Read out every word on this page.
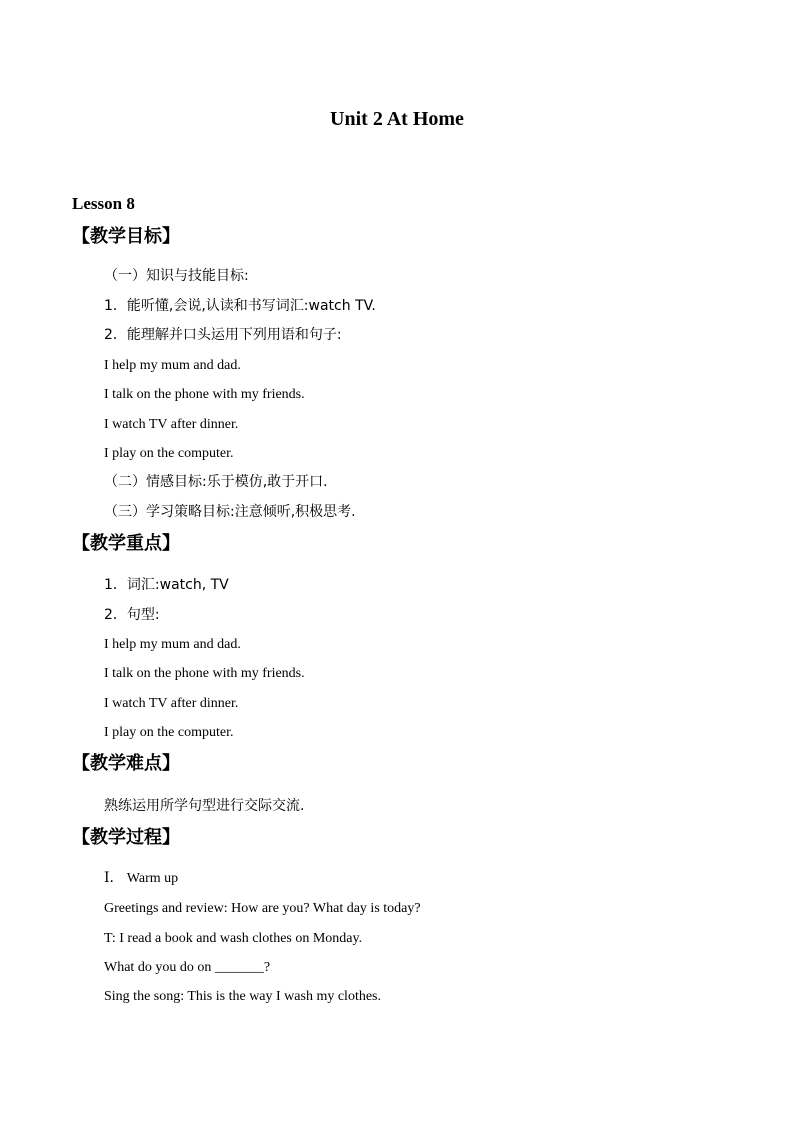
Unit 2 At Home
Lesson 8
【教学目标】
（一）知识与技能目标:
1．能听懂,会说,认读和书写词汇:watch TV.
2．能理解并口头运用下列用语和句子:
I help my mum and dad.
I talk on the phone with my friends.
I watch TV after dinner.
I play on the computer.
（二）情感目标:乐于模仿,敢于开口.
（三）学习策略目标:注意倾听,积极思考.
【教学重点】
1．词汇:watch, TV
2．句型:
I help my mum and dad.
I talk on the phone with my friends.
I watch TV after dinner.
I play on the computer.
【教学难点】
熟练运用所学句型进行交际交流.
【教学过程】
Ⅰ． Warm up
Greetings and review: How are you? What day is today?
T: I read a book and wash clothes on Monday.
What do you do on _______?
Sing the song: This is the way I wash my clothes.
